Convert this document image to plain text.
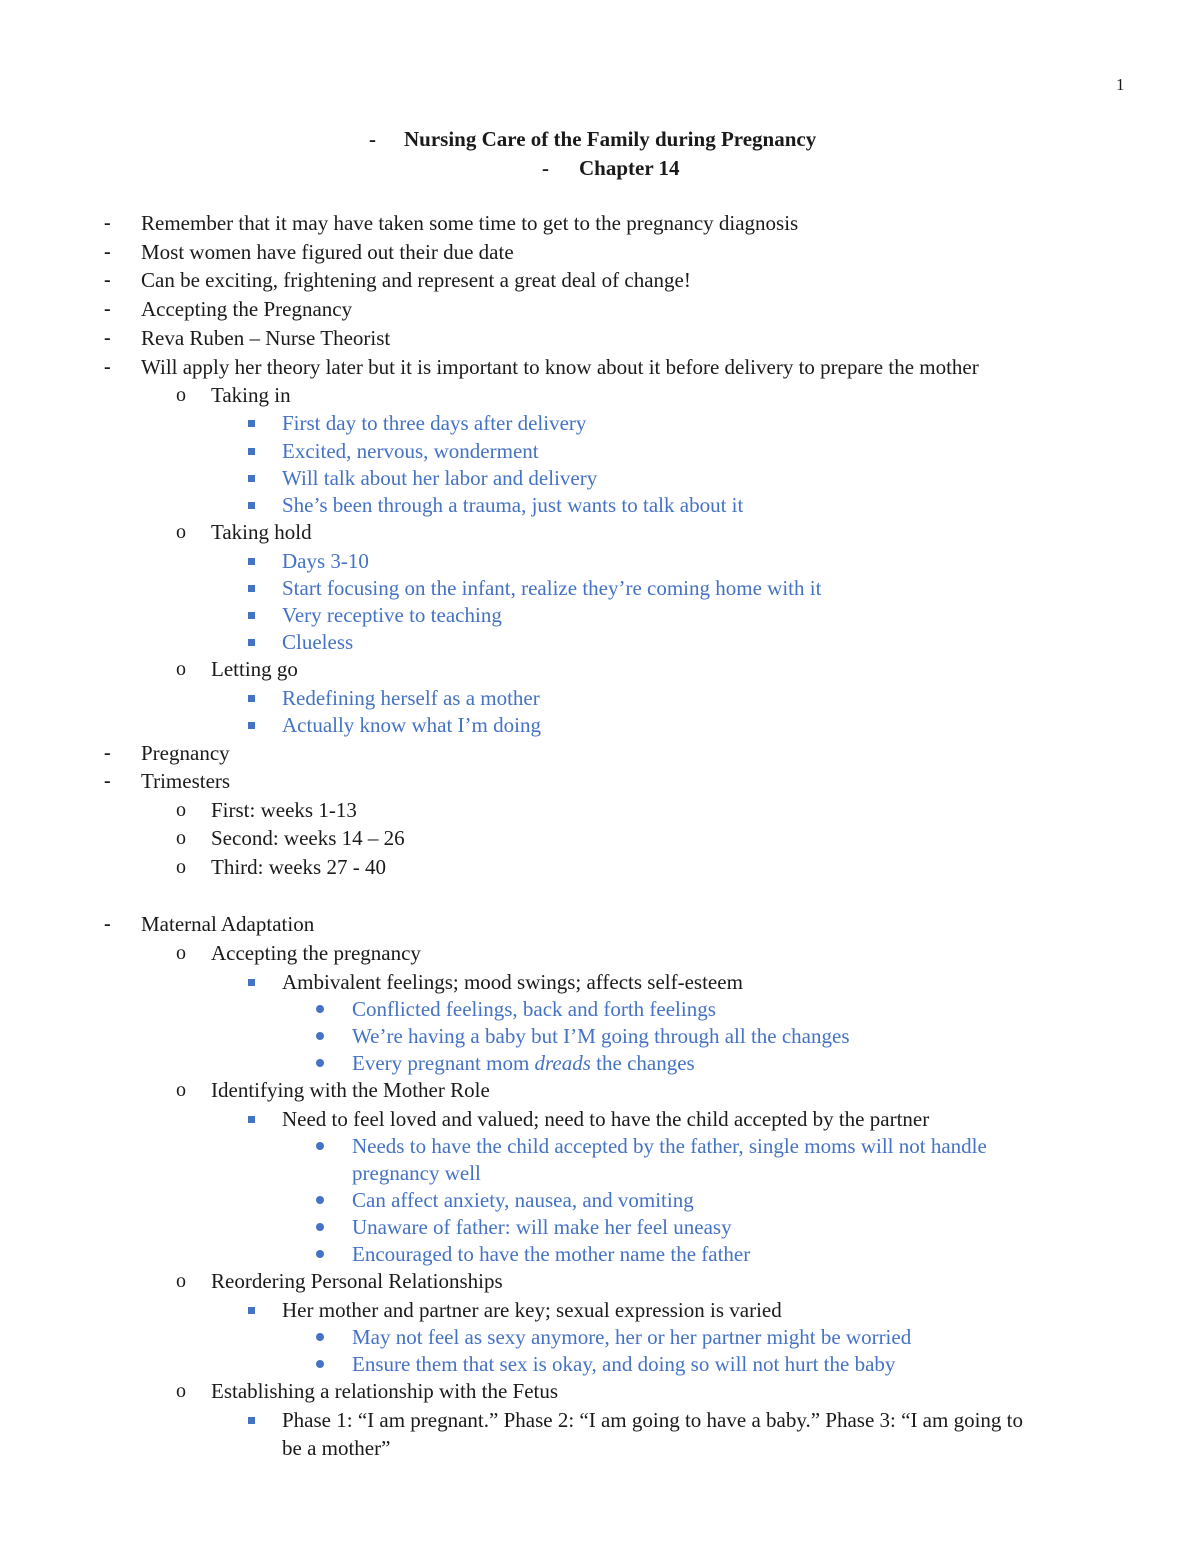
1
- Nursing Care of the Family during Pregnancy
- Chapter 14
- Remember that it may have taken some time to get to the pregnancy diagnosis
- Most women have figured out their due date
- Can be exciting, frightening and represent a great deal of change!
- Accepting the Pregnancy
- Reva Ruben – Nurse Theorist
- Will apply her theory later but it is important to know about it before delivery to prepare the mother
o Taking in
First day to three days after delivery
Excited, nervous, wonderment
Will talk about her labor and delivery
She’s been through a trauma, just wants to talk about it
o Taking hold
Days 3-10
Start focusing on the infant, realize they’re coming home with it
Very receptive to teaching
Clueless
o Letting go
Redefining herself as a mother
Actually know what I’m doing
- Pregnancy
- Trimesters
o First: weeks 1-13
o Second: weeks 14 – 26
o Third: weeks 27 - 40
- Maternal Adaptation
o Accepting the pregnancy
Ambivalent feelings; mood swings; affects self-esteem
Conflicted feelings, back and forth feelings
We’re having a baby but I’M going through all the changes
Every pregnant mom dreads the changes
o Identifying with the Mother Role
Need to feel loved and valued; need to have the child accepted by the partner
Needs to have the child accepted by the father, single moms will not handle
pregnancy well
Can affect anxiety, nausea, and vomiting
Unaware of father: will make her feel uneasy
Encouraged to have the mother name the father
o Reordering Personal Relationships
Her mother and partner are key; sexual expression is varied
May not feel as sexy anymore, her or her partner might be worried
Ensure them that sex is okay, and doing so will not hurt the baby
o Establishing a relationship with the Fetus
Phase 1: “I am pregnant.” Phase 2: “I am going to have a baby.” Phase 3: “I am going to
be a mother”
